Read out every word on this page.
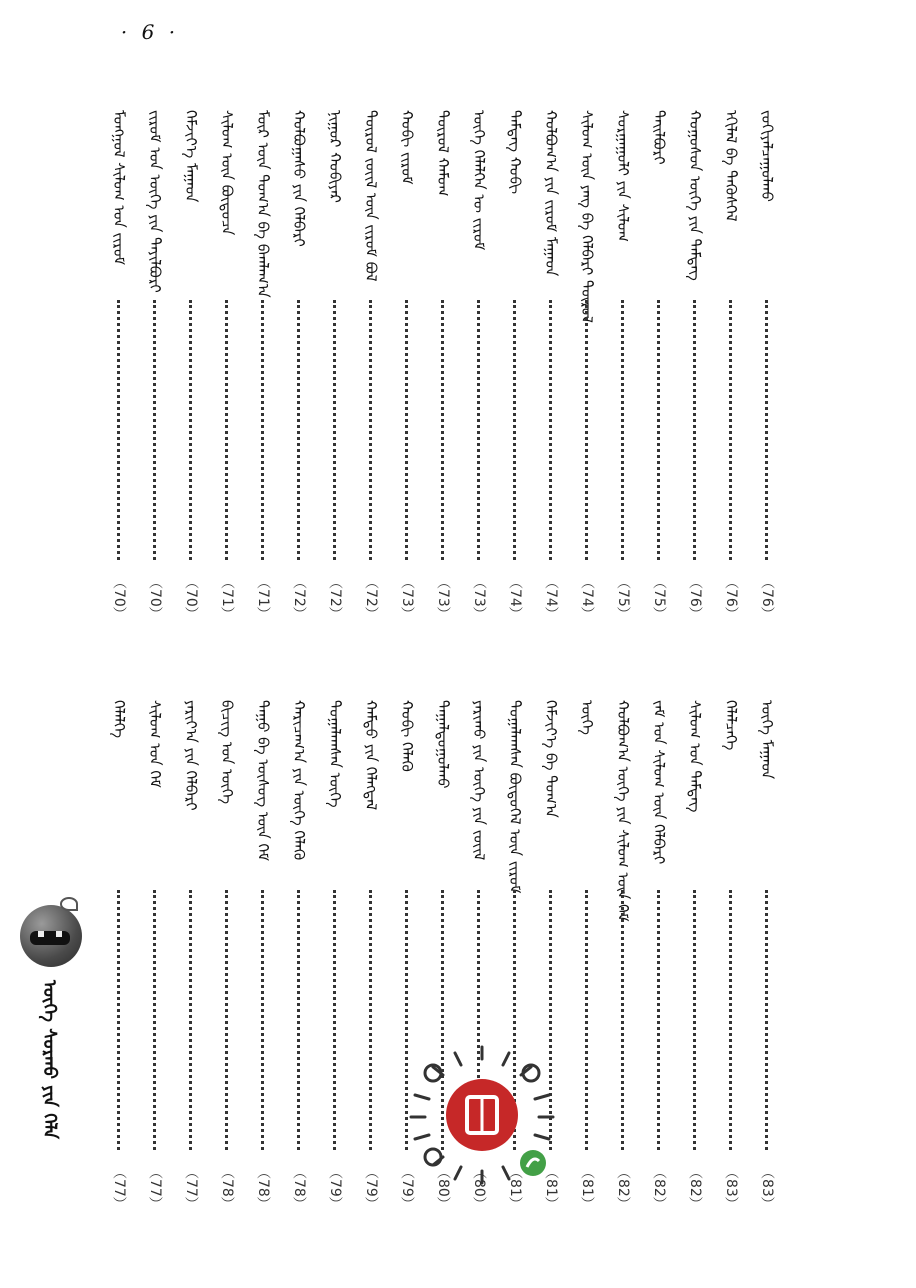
· 6 ·
ᠮᠣᠩᠭᠣᠯ ᠰᠢᠯᠦᠭ᠋ ᠤᠨ ᠵᠢᠷᠤᠮ
（70）
ᠵᠢᠷᠤᠮ ᠤᠨ ᠦᠭᠡ ᠶᠢᠨ ᠲᠠᠶᠢᠯᠪᠤᠷᠢ
（70）
ᠬᠡᠮᠵᠢᠶ᠎ᠡ ᠮᠠᠭᠠᠳ
（70）
ᠰᠢᠯᠦᠭ᠋ ᠦᠨ ᠪᠦᠲᠦᠴᠡ
（71）
ᠮᠥᠷ ᠦᠨ ᠲᠤᠭ᠎ᠠ ᠪᠠ ᠪᠠᠭᠯᠠᠭ᠎ᠠ
（71）
ᠬᠣᠯᠪᠤᠭᠠᠰᠤ ᠶᠢᠨ ᠬᠡᠯᠪᠡᠷᠢ
（72）
ᠨᠢᠭᠤᠷ ᠬᠤᠪᠢᠶᠠᠷ
（72）
ᠲᠦᠷᠦᠯ ᠵᠦᠢᠯ ᠦᠨ ᠵᠢᠷᠤᠮ ᠪᠣᠯ
（72）
ᠬᠤᠪᠢ ᠵᠢᠷᠤᠮ
（73）
ᠲᠥᠷᠦᠯ ᠬᠠᠮᠤᠭ
（73）
ᠦᠭᠡ ᠬᠡᠯᠡᠯᠭᠡᠨ ᠦ ᠵᠢᠷᠤᠮ
（73）
ᠲᠡᠮᠳᠡᠭ ᠬᠤᠪᠢ
（74）
ᠬᠣᠯᠪᠣᠭ᠎ᠠ ᠶᠢᠨ ᠵᠢᠷᠤᠮ ᠮᠠᠭᠠᠳ
（74）
ᠰᠢᠯᠦᠭ᠋ ᠦᠨ ᠶᠠᠩ ᠪᠠ ᠬᠡᠯᠪᠡᠷᠢ ᠲᠥᠷᠦᠯ
（74）
ᠰᠤᠷᠭᠠᠭᠤᠯᠢ ᠶᠢᠨ ᠰᠢᠯᠦᠭ᠋
（75）
ᠲᠠᠢᠯᠪᠤᠷᠢ
（75）
ᠬᠣᠭᠣᠰᠣᠨ ᠦᠭᠡ ᠶᠢᠨ ᠲᠡᠮᠳᠡᠭ
（76）
ᠡᠬᠢᠯᠡᠯ ᠪᠠ ᠲᠡᠭᠦᠰᠬᠡᠯ
（76）
ᠵᠣᠬᠢᠶᠠᠯᠴᠠᠭᠤᠯᠬᠤ
（76）
ᠬᠡᠯᠡᠯᠭᠡ
（77）
ᠰᠢᠯᠦᠭ᠋ ᠤᠨ ᠬᠡᠮ
（77）
ᠶᠠᠷᠢᠶ᠎ᠠ ᠶᠢᠨ ᠬᠡᠯᠪᠡᠷᠢ
（77）
ᠪᠢᠴᠢᠭ ᠤᠨ ᠦᠭᠡ
（78）
ᠳᠠᠭᠤ ᠪᠠ ᠦᠰᠦᠭ ᠦᠨ ᠬᠡᠮ
（78）
ᠬᠠᠷᠢᠴᠠᠭ᠎ᠠ ᠶᠢᠨ ᠦᠭᠡ ᠬᠡᠯᠡᠬᠦ
（78）
ᠲᠣᠭᠠᠯᠠᠭᠰᠠᠨ ᠦᠭᠡ
（79）
ᠬᠠᠮᠲᠤ ᠶᠢᠨ ᠬᠡᠯᠡᠭᠳᠡᠯ
（79）
ᠬᠤᠪᠢ ᠬᠡᠯᠡᠬᠦ
（79）
ᠳᠠᠭᠠᠯᠳᠤᠭᠤᠯᠬᠤ
（80）
ᠶᠠᠷᠢᠬᠤ ᠶᠢᠨ ᠦᠭᠡ ᠶᠢᠨ ᠵᠦᠢᠯ
（80）
ᠲᠣᠭᠠᠯᠠᠭᠰᠠᠨ ᠪᠦᠲᠦᠭᠡᠯ ᠦᠨ ᠵᠢᠷᠤᠮ
（81）
ᠬᠡᠮᠵᠢᠶ᠎ᠡ ᠪᠠ ᠲᠣᠭ᠎ᠠ
（81）
ᠦᠭᠡ
（81）
ᠬᠣᠯᠪᠣᠭ᠎ᠠ ᠦᠭᠡ ᠶᠢᠨ ᠰᠢᠯᠦᠭ᠋ ᠦᠨ ᠬᠡᠮ
（82）
ᠵᠠᠮ ᠤᠨ ᠰᠢᠯᠦᠭ᠋ ᠦᠨ ᠬᠡᠯᠪᠡᠷᠢ
（82）
ᠰᠢᠯᠦᠭ᠋ ᠤᠨ ᠲᠡᠮᠳᠡᠭ
（82）
ᠬᠡᠯᠡᠯᠴᠡᠭᠡ
（83）
ᠦᠭᠡ ᠮᠠᠭᠠᠳ
（83）
ᠦᠭᠡ ᠰᠤᠷᠬᠤ ᠶᠢᠨ ᠬᠡᠯᠡ
